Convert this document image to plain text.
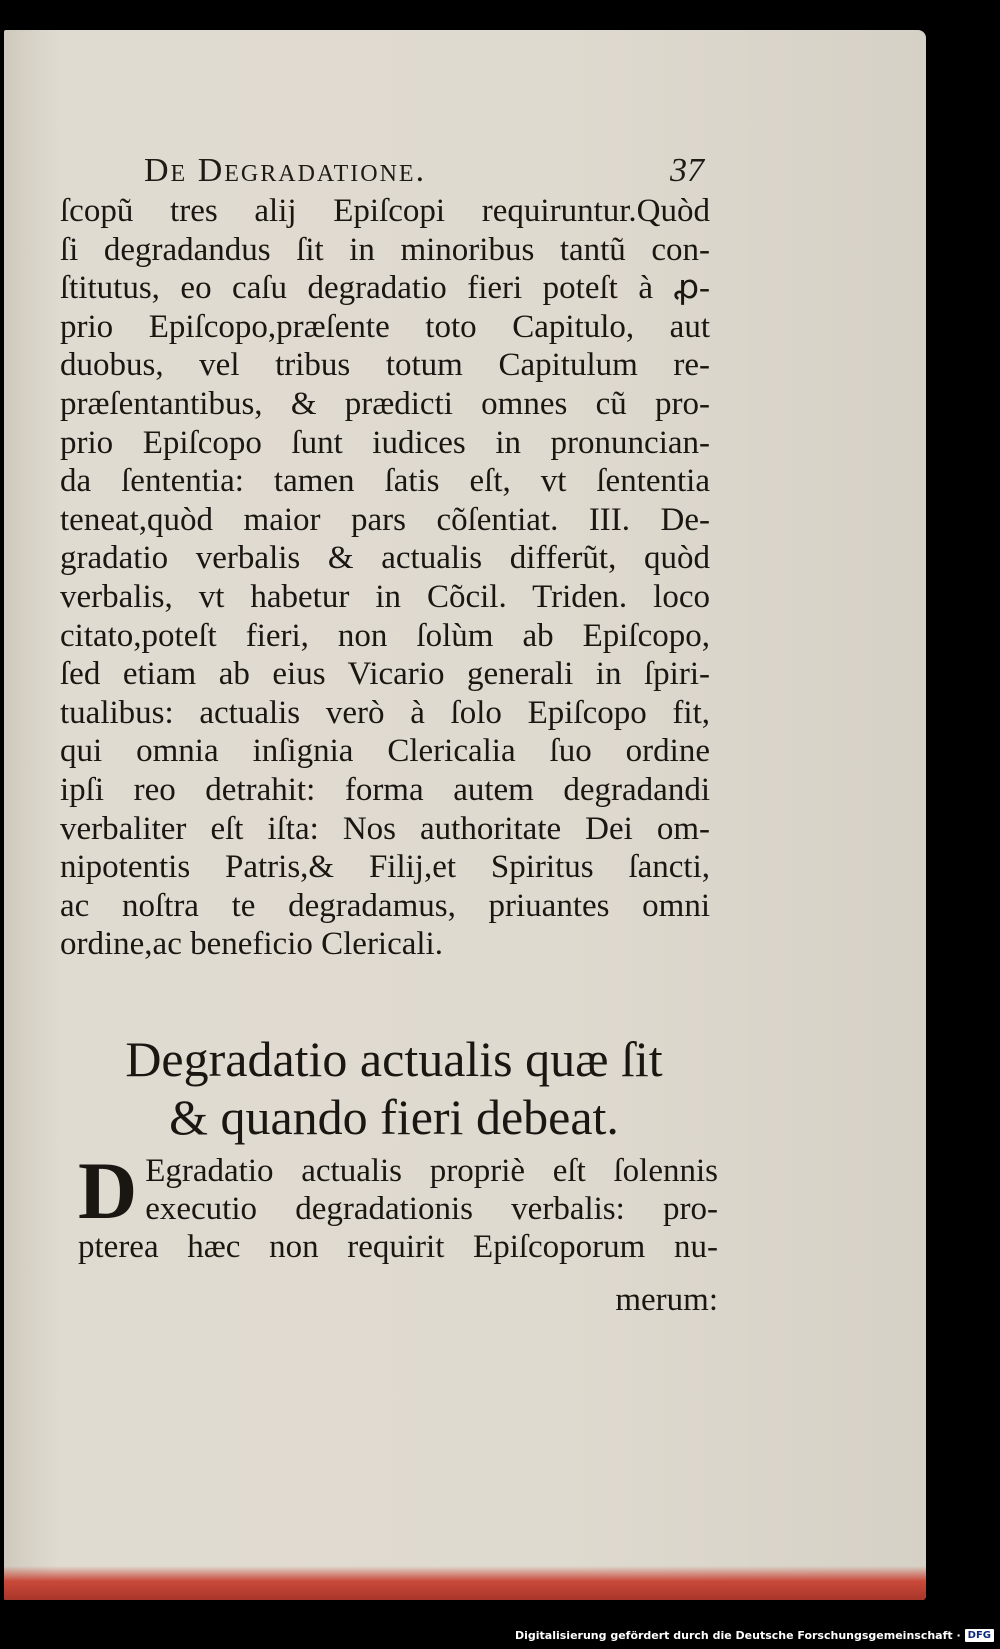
De Degradatione.	37
ſcopũ tres alij Epiſcopi requiruntur.Quòd
ſi degradandus ſit in minoribus tantũ con-
ſtitutus, eo caſu degradatio fieri poteſt à ꝓ-
prio Epiſcopo,præſente toto Capitulo, aut
duobus, vel tribus totum Capitulum re-
præſentantibus, & prædicti omnes cũ pro-
prio Epiſcopo ſunt iudices in pronuncian-
da ſententia: tamen ſatis eſt, vt ſententia
teneat,quòd maior pars cõſentiat. III. De-
gradatio verbalis & actualis differũt, quòd
verbalis, vt habetur in Cõcil. Triden. loco
citato,poteſt fieri, non ſolùm ab Epiſcopo,
ſed etiam ab eius Vicario generali in ſpiri-
tualibus: actualis verò à ſolo Epiſcopo fit,
qui omnia inſignia Clericalia ſuo ordine
ipſi reo detrahit: forma autem degradandi
verbaliter eſt iſta: Nos authoritate Dei om-
nipotentis Patris,& Filij,et Spiritus ſancti,
ac noſtra te degradamus, priuantes omni
ordine,ac beneficio Clericali.
Degradatio actualis quæ ſit
& quando fieri debeat.
D Egradatio actualis propriè eſt ſolennis
executio degradationis verbalis: pro-
pterea hæc non requirit Epiſcoporum nu-
merum:
Digitalisierung gefördert durch die Deutsche Forschungsgemeinschaft · DFG
